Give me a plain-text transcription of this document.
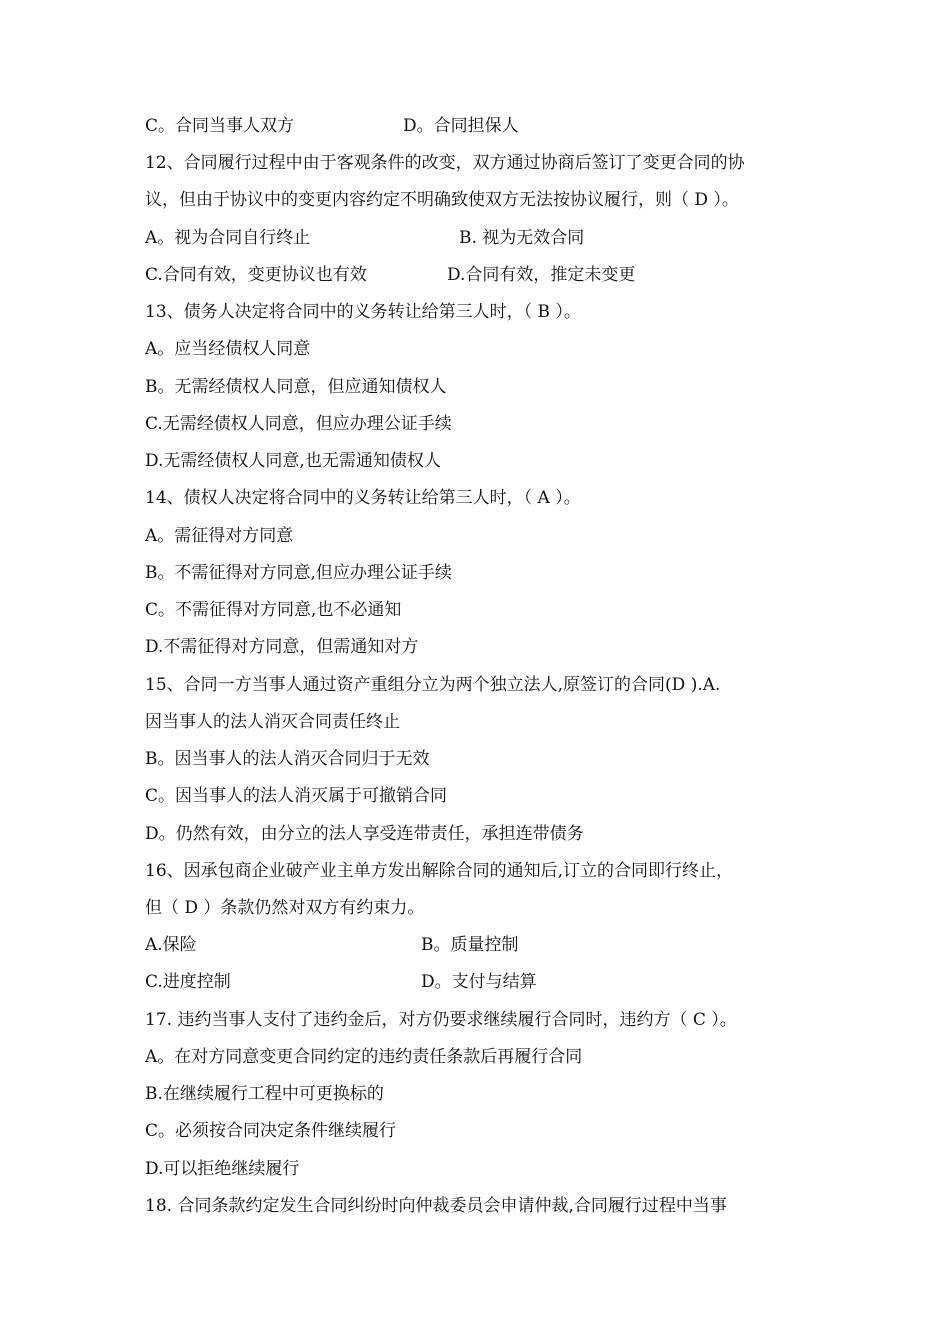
C。合同当事人双方

	D。合同担保人

12、合同履行过程中由于客观条件的改变，双方通过协商后签订了变更合同的协
议，但由于协议中的变更内容约定不明确致使双方无法按协议履行，则（ D ）。

A。视为合同自行终止

	B. 视为无效合同

C.合同有效，变更协议也有效

	D.合同有效，推定未变更

13、债务人决定将合同中的义务转让给第三人时，（ B ）。
A。应当经债权人同意
B。无需经债权人同意，但应通知债权人
C.无需经债权人同意，但应办理公证手续
D.无需经债权人同意,也无需通知债权人
14、债权人决定将合同中的义务转让给第三人时，（ A ）。
A。需征得对方同意
B。不需征得对方同意,但应办理公证手续
C。不需征得对方同意,也不必通知
D.不需征得对方同意，但需通知对方
15、合同一方当事人通过资产重组分立为两个独立法人,原签订的合同(D ).A.
因当事人的法人消灭合同责任终止
B。因当事人的法人消灭合同归于无效
C。因当事人的法人消灭属于可撤销合同
D。仍然有效，由分立的法人享受连带责任，承担连带债务
16、因承包商企业破产业主单方发出解除合同的通知后,订立的合同即行终止，
但（ D ）条款仍然对双方有约束力。

A.保险

	B。质量控制

C.进度控制

	D。支付与结算

17. 违约当事人支付了违约金后，对方仍要求继续履行合同时，违约方（ C ）。
A。在对方同意变更合同约定的违约责任条款后再履行合同
B.在继续履行工程中可更换标的
C。必须按合同决定条件继续履行
D.可以拒绝继续履行
18. 合同条款约定发生合同纠纷时向仲裁委员会申请仲裁,合同履行过程中当事
